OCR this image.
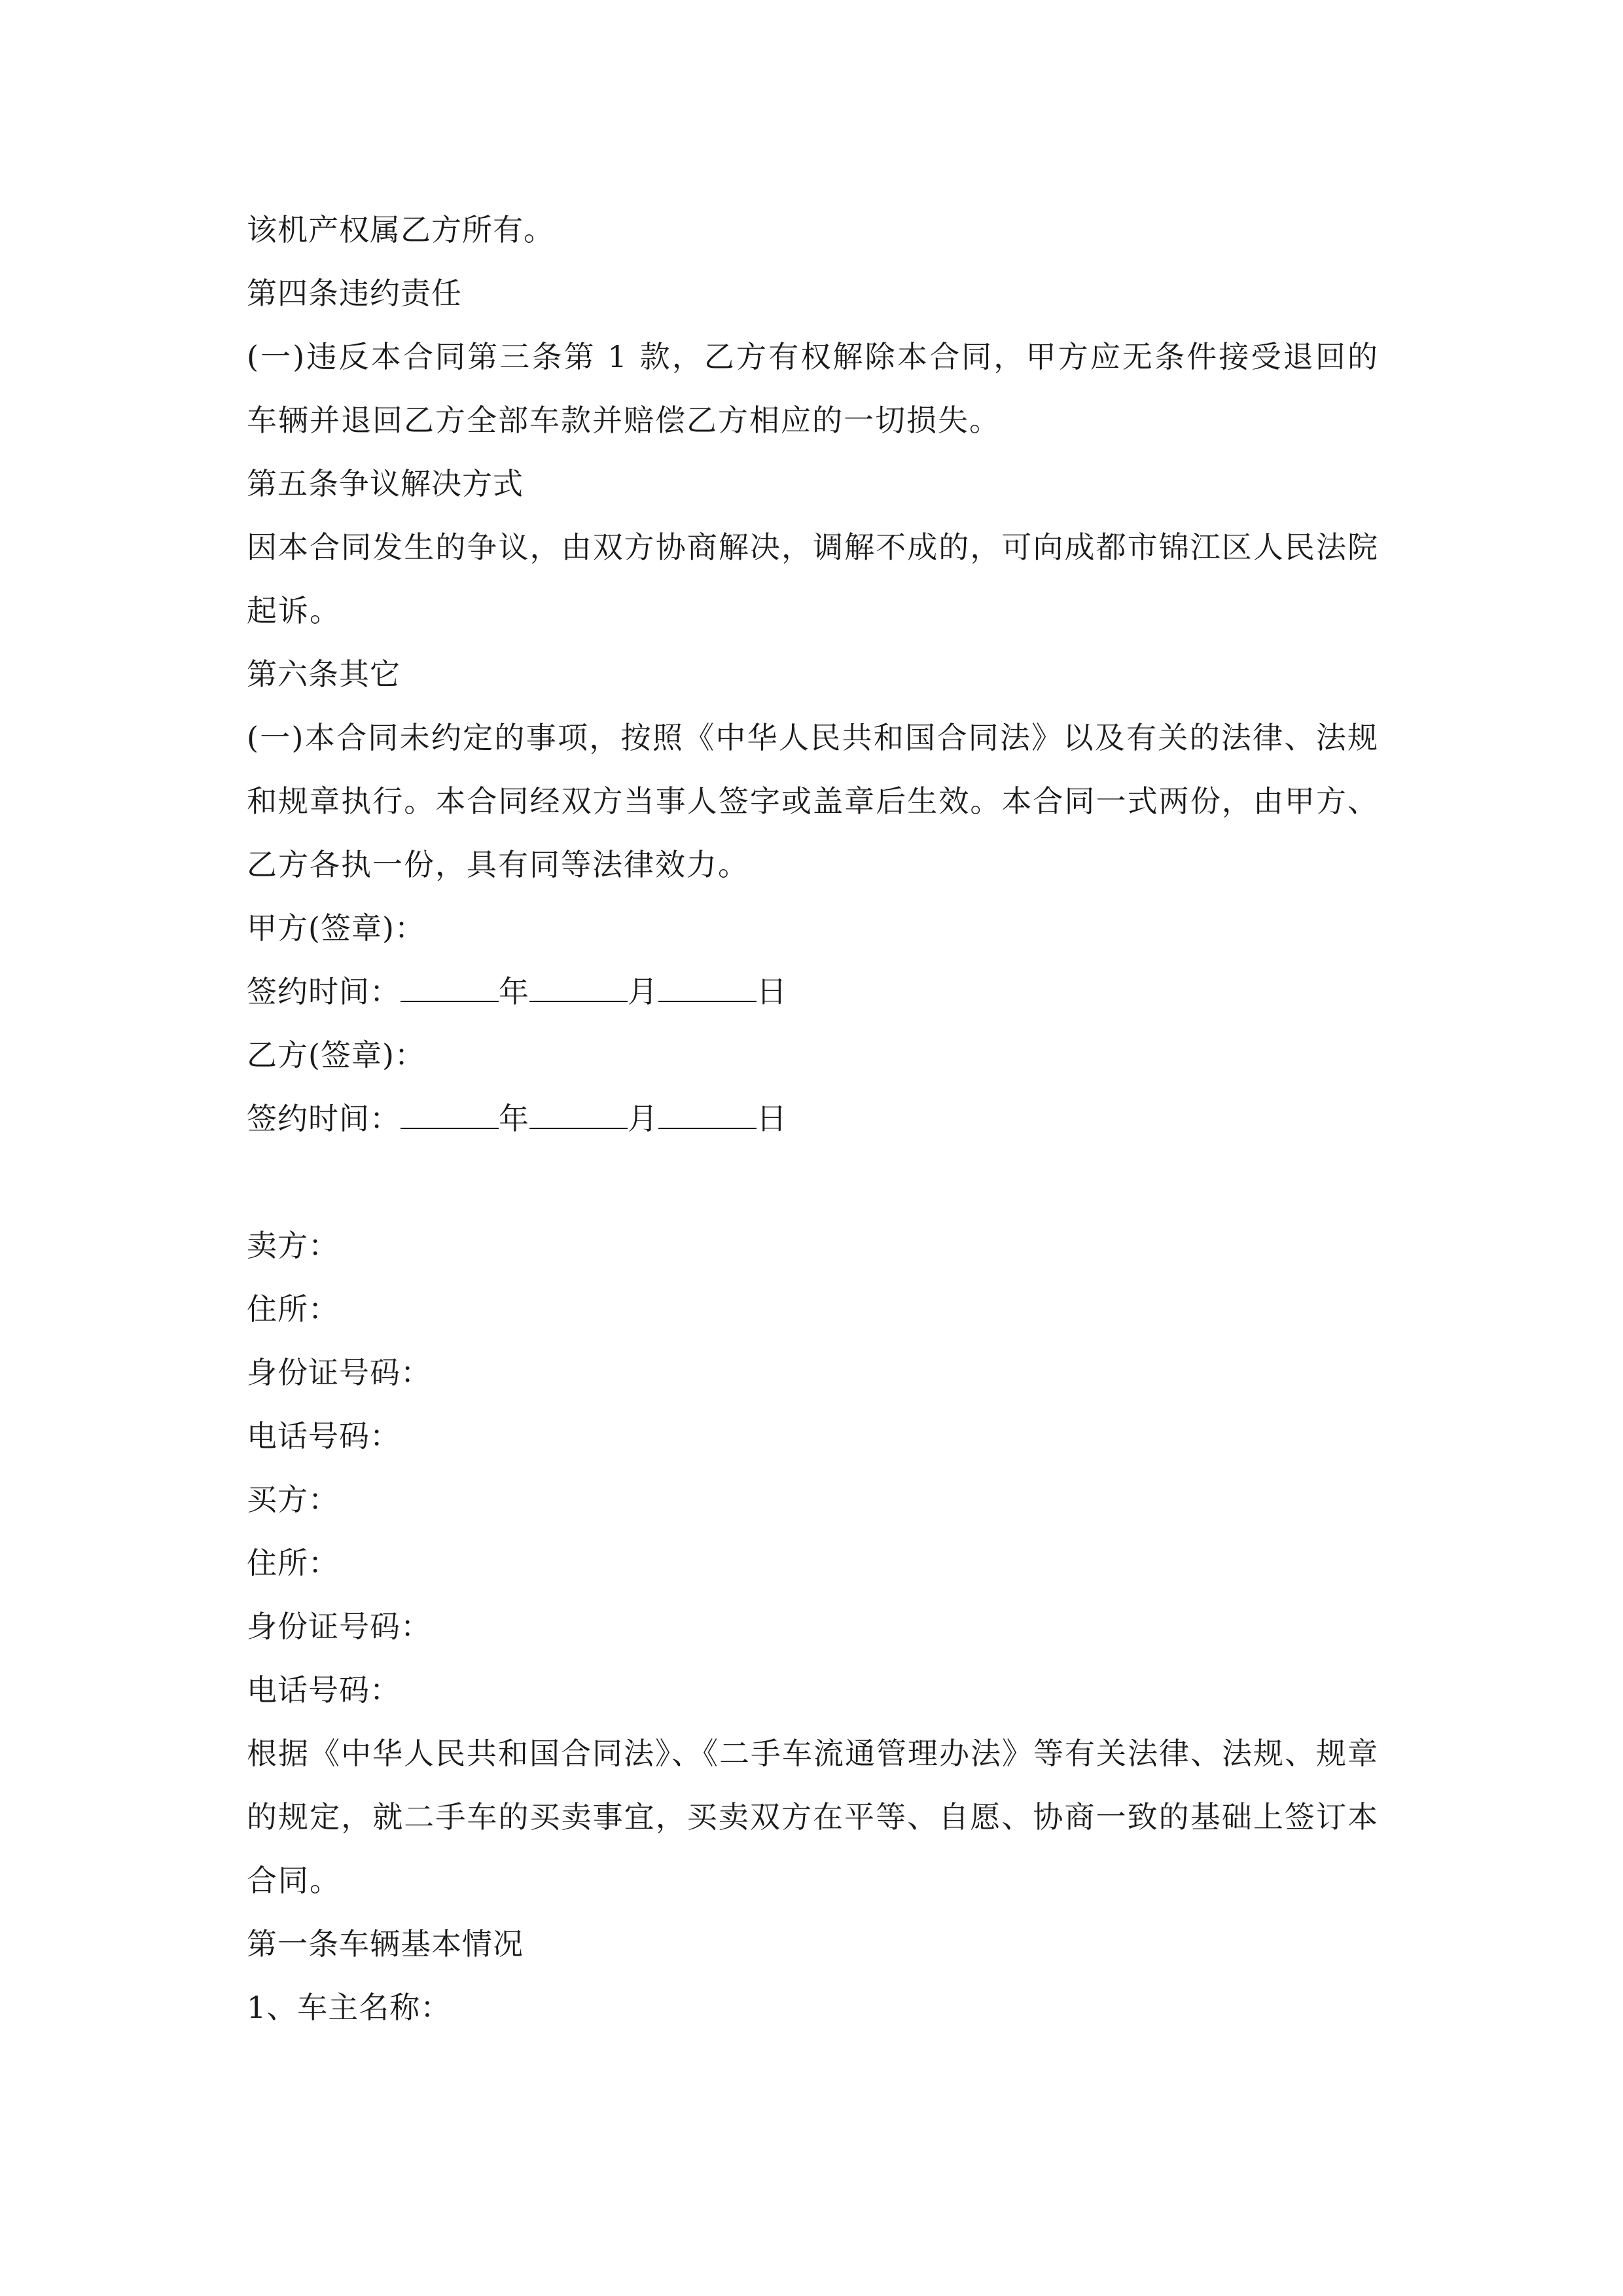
该机产权属乙方所有。
第四条违约责任
(一)违反本合同第三条第 1 款，乙方有权解除本合同，甲方应无条件接受退回的车辆并退回乙方全部车款并赔偿乙方相应的一切损失。
第五条争议解决方式
因本合同发生的争议，由双方协商解决，调解不成的，可向成都市锦江区人民法院起诉。
第六条其它
(一)本合同未约定的事项，按照《中华人民共和国合同法》以及有关的法律、法规和规章执行。本合同经双方当事人签字或盖章后生效。本合同一式两份，由甲方、乙方各执一份，具有同等法律效力。
甲方(签章)：
签约时间：	年	月	日
乙方(签章)：
签约时间：	年	月	日
卖方：
住所：
身份证号码：
电话号码：
买方：
住所：
身份证号码：
电话号码：
根据《中华人民共和国合同法》、《二手车流通管理办法》等有关法律、法规、规章的规定，就二手车的买卖事宜，买卖双方在平等、自愿、协商一致的基础上签订本合同。
第一条车辆基本情况
1、车主名称：
